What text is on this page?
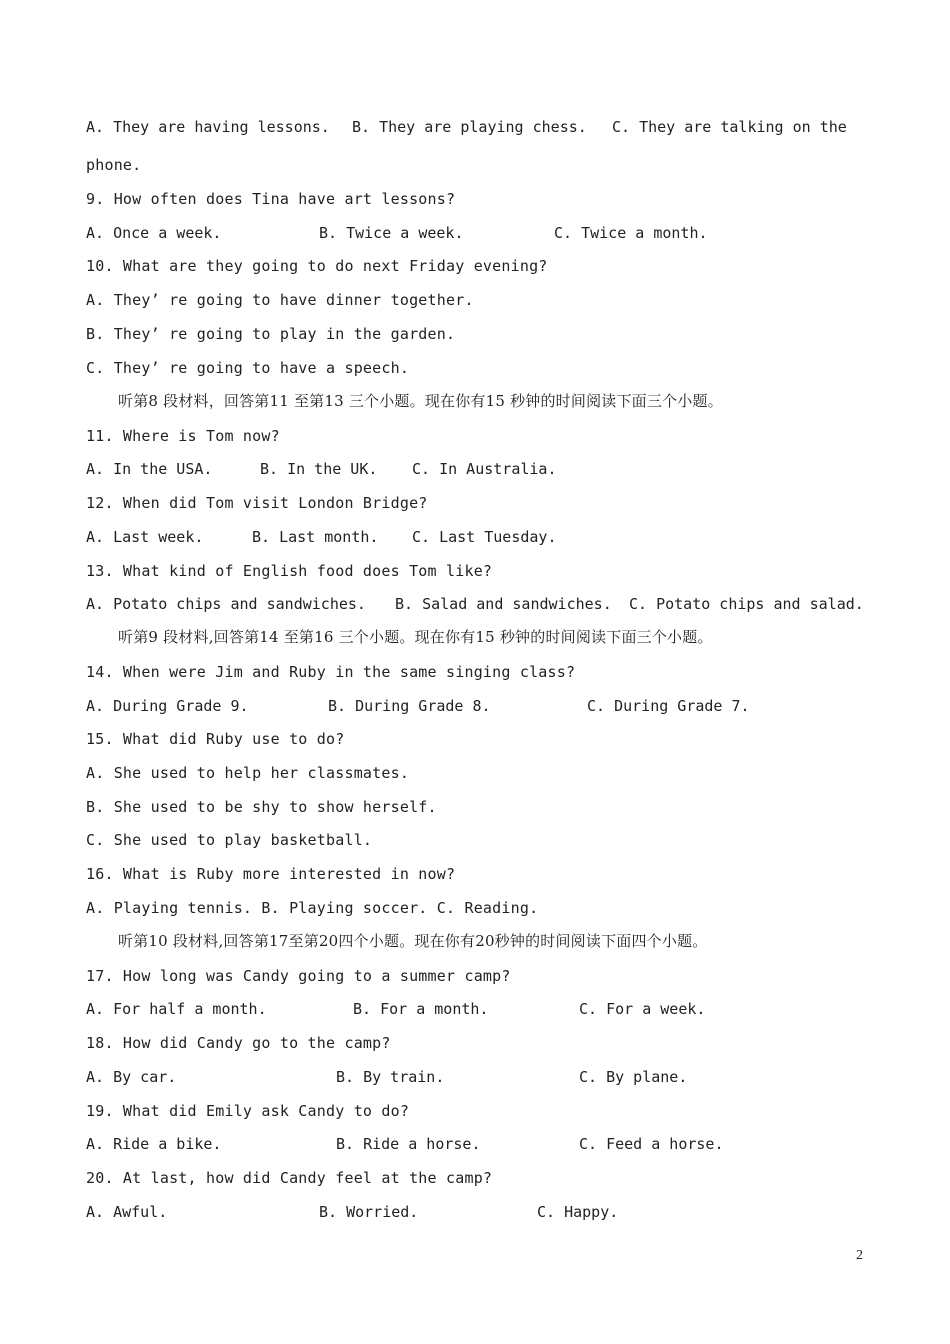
A. They are having lessons. B. They are playing chess. C. They are talking on the
phone.
9. How often does Tina have art lessons?
A. Once a week.	B. Twice a week.	C. Twice a month.
10. What are they going to do next Friday evening?
A. They’ re going to have dinner together.
B. They’ re going to play in the garden.
C. They’ re going to have a speech.
听第8 段材料，回答第11 至第13 三个小题。现在你有15 秒钟的时间阅读下面三个小题。
11. Where is Tom now?
A. In the USA.	B. In the UK. C. In Australia.
12. When did Tom visit London Bridge?
A. Last week.	B. Last month. C. Last Tuesday.
13. What kind of English food does Tom like?
A. Potato chips and sandwiches. B. Salad and sandwiches. C. Potato chips and salad.
听第9 段材料,回答第14 至第16 三个小题。现在你有15 秒钟的时间阅读下面三个小题。
14. When were Jim and Ruby in the same singing class?
A. During Grade 9.	B. During Grade 8.	C. During Grade 7.
15. What did Ruby use to do?
A. She used to help her classmates.
B. She used to be shy to show herself.
C. She used to play basketball.
16. What is Ruby more interested in now?
A. Playing tennis. B. Playing soccer. C. Reading.
听第10 段材料,回答第17至第20四个小题。现在你有20秒钟的时间阅读下面四个小题。
17. How long was Candy going to a summer camp?
A. For half a month.	B. For a month.	C. For a week.
18. How did Candy go to the camp?
A. By car.	B. By train.	C. By plane.
19. What did Emily ask Candy to do?
A. Ride a bike.	B. Ride a horse.	C. Feed a horse.
20. At last, how did Candy feel at the camp?
A. Awful.	B. Worried.	C. Happy.
2
